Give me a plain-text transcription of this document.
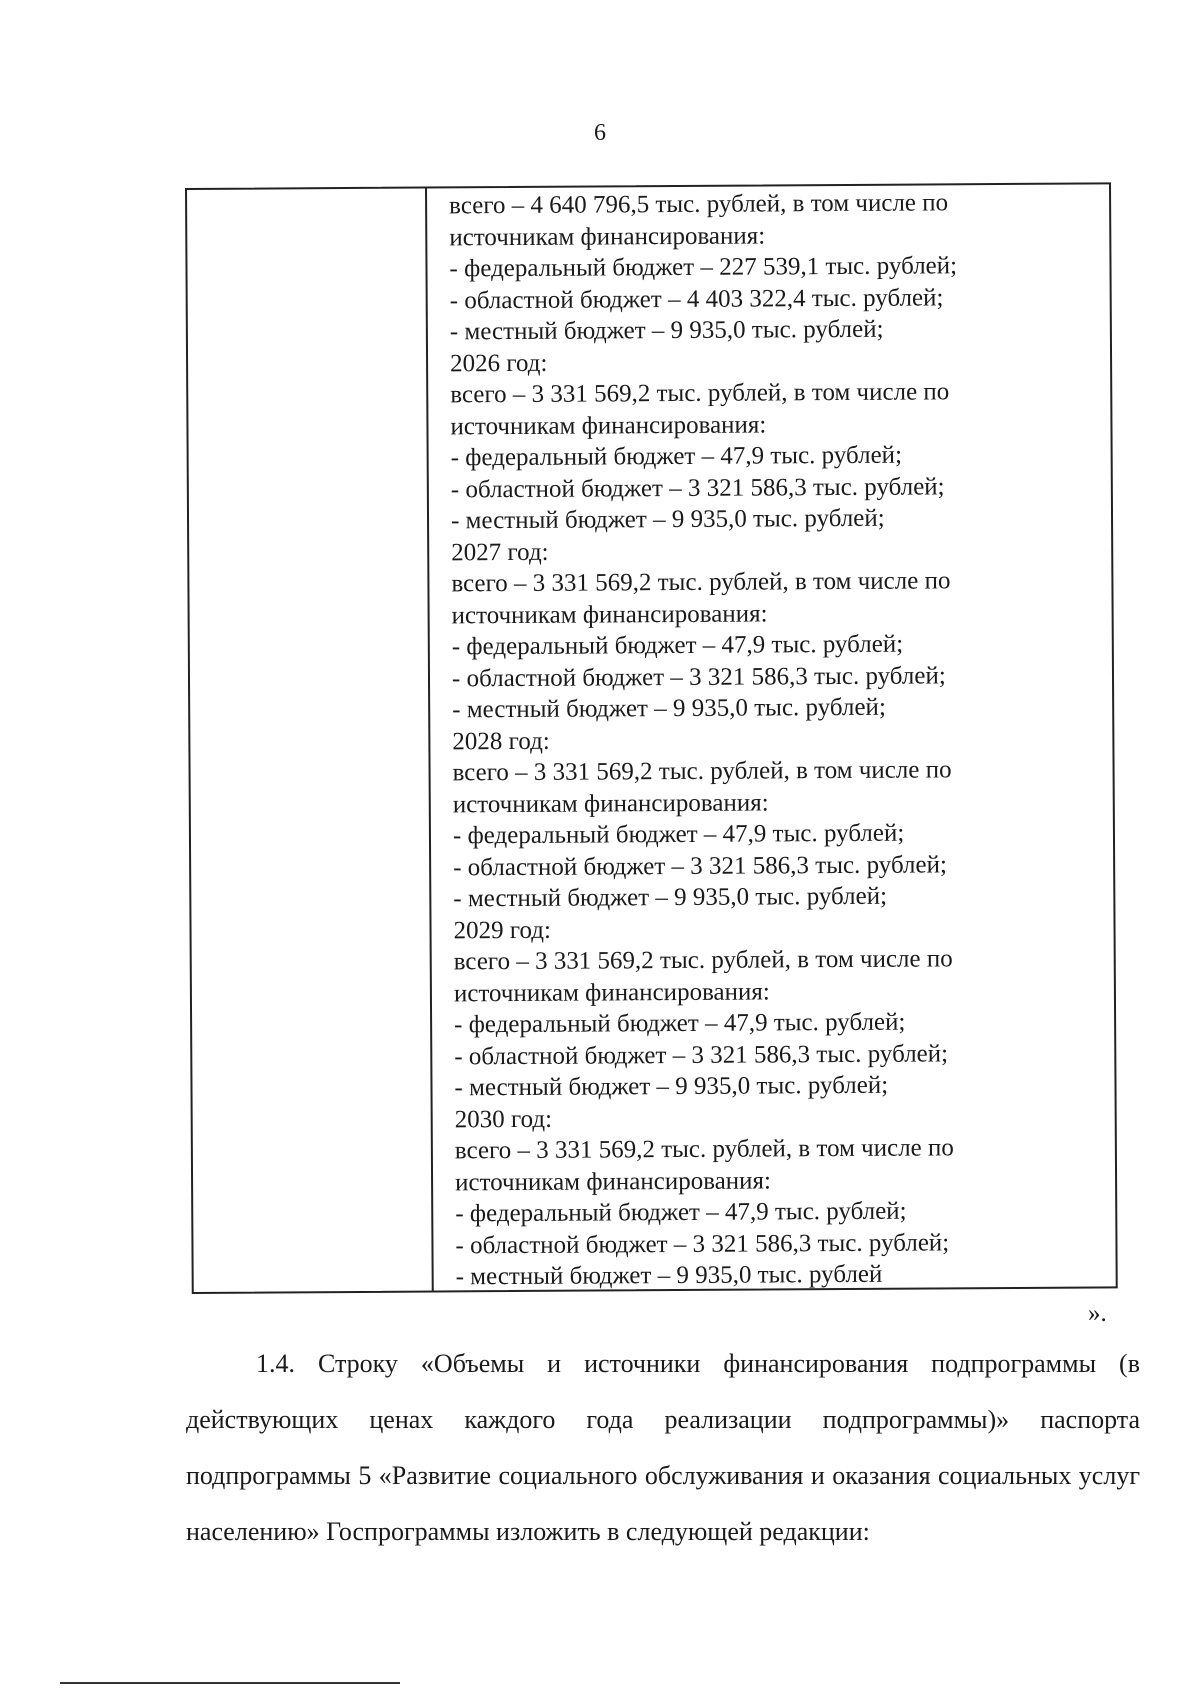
6
всего – 4 640 796,5 тыс. рублей, в том числе по
источникам финансирования:
- федеральный бюджет – 227 539,1 тыс. рублей;
- областной бюджет – 4 403 322,4 тыс. рублей;
- местный бюджет – 9 935,0 тыс. рублей;
2026 год:
всего – 3 331 569,2 тыс. рублей, в том числе по
источникам финансирования:
- федеральный бюджет – 47,9 тыс. рублей;
- областной бюджет – 3 321 586,3 тыс. рублей;
- местный бюджет – 9 935,0 тыс. рублей;
2027 год:
всего – 3 331 569,2 тыс. рублей, в том числе по
источникам финансирования:
- федеральный бюджет – 47,9 тыс. рублей;
- областной бюджет – 3 321 586,3 тыс. рублей;
- местный бюджет – 9 935,0 тыс. рублей;
2028 год:
всего – 3 331 569,2 тыс. рублей, в том числе по
источникам финансирования:
- федеральный бюджет – 47,9 тыс. рублей;
- областной бюджет – 3 321 586,3 тыс. рублей;
- местный бюджет – 9 935,0 тыс. рублей;
2029 год:
всего – 3 331 569,2 тыс. рублей, в том числе по
источникам финансирования:
- федеральный бюджет – 47,9 тыс. рублей;
- областной бюджет – 3 321 586,3 тыс. рублей;
- местный бюджет – 9 935,0 тыс. рублей;
2030 год:
всего – 3 331 569,2 тыс. рублей, в том числе по
источникам финансирования:
- федеральный бюджет – 47,9 тыс. рублей;
- областной бюджет – 3 321 586,3 тыс. рублей;
- местный бюджет – 9 935,0 тыс. рублей
».
1.4. Строку «Объемы и источники финансирования подпрограммы (в действующих ценах каждого года реализации подпрограммы)» паспорта подпрограммы 5 «Развитие социального обслуживания и оказания социальных услуг населению» Госпрограммы изложить в следующей редакции:
